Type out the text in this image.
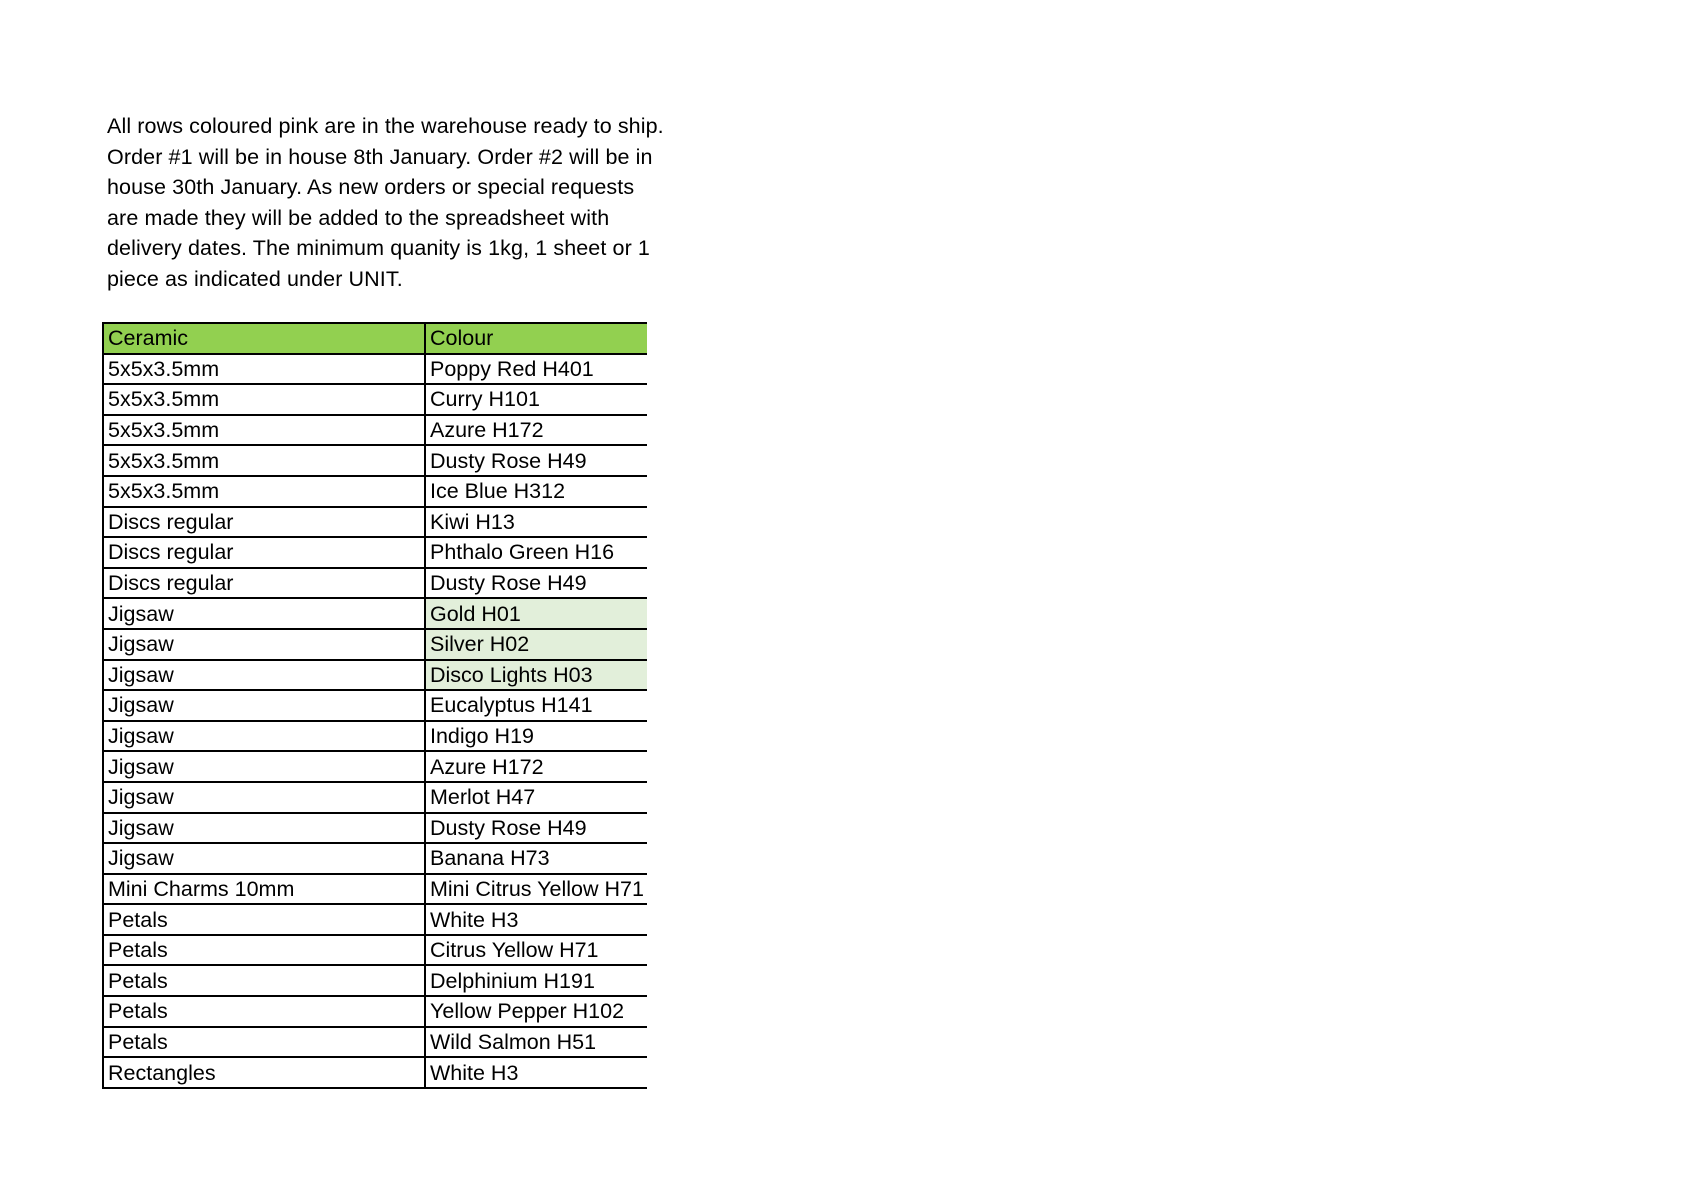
All rows coloured pink are in the warehouse ready to ship. Order #1 will be in house 8th January. Order #2 will be in house 30th January. As new orders or special requests are made they will be added to the spreadsheet with delivery dates. The minimum quanity is 1kg, 1 sheet or 1 piece as indicated under UNIT.
Ceramic	Colour
5x5x3.5mm	Poppy Red H401
5x5x3.5mm	Curry H101
5x5x3.5mm	Azure H172
5x5x3.5mm	Dusty Rose H49
5x5x3.5mm	Ice Blue H312
Discs regular	Kiwi H13
Discs regular	Phthalo Green H16
Discs regular	Dusty Rose H49
Jigsaw	Gold H01
Jigsaw	Silver H02
Jigsaw	Disco Lights H03
Jigsaw	Eucalyptus H141
Jigsaw	Indigo H19
Jigsaw	Azure H172
Jigsaw	Merlot H47
Jigsaw	Dusty Rose H49
Jigsaw	Banana H73
Mini Charms 10mm	Mini Citrus Yellow H71
Petals	White H3
Petals	Citrus Yellow H71
Petals	Delphinium H191
Petals	Yellow Pepper H102
Petals	Wild Salmon H51
Rectangles	White H3
